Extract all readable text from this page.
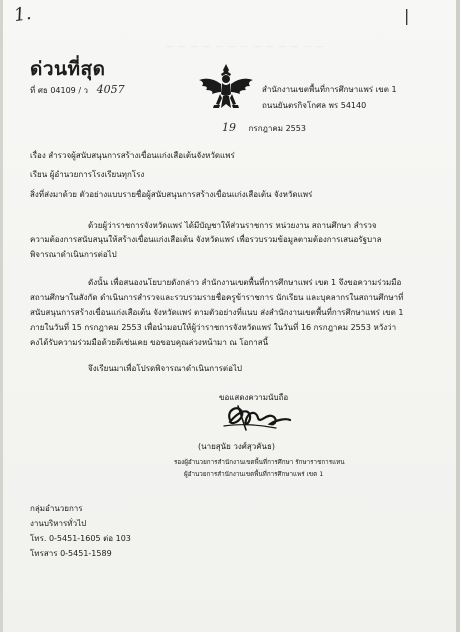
— — — — — — — — — — — — —
1.	|
ด่วนที่สุด
ที่ ศธ 04109 / ว 4057	สำนักงานเขตพื้นที่การศึกษาแพร่ เขต 1
ถนนยันตรกิจโกศล พร 54140
19 กรกฎาคม 2553
เรื่อง สำรวจผู้สนับสนุนการสร้างเขื่อนแก่งเสือเต้นจังหวัดแพร่
เรียน ผู้อำนวยการโรงเรียนทุกโรง
สิ่งที่ส่งมาด้วย ตัวอย่างแบบรายชื่อผู้สนับสนุนการสร้างเขื่อนแก่งเสือเต้น จังหวัดแพร่
ด้วยผู้ว่าราชการจังหวัดแพร่ ได้มีบัญชาให้ส่วนราชการ หน่วยงาน สถานศึกษา สำรวจ
ความต้องการสนับสนุนให้สร้างเขื่อนแก่งเสือเต้น จังหวัดแพร่ เพื่อรวบรวมข้อมูลตามต้องการเสนอรัฐบาล
พิจารณาดำเนินการต่อไป
ดังนั้น เพื่อสนองนโยบายดังกล่าว สำนักงานเขตพื้นที่การศึกษาแพร่ เขต 1 จึงขอความร่วมมือ
สถานศึกษาในสังกัด ดำเนินการสำรวจและรวบรวมรายชื่อครูข้าราชการ นักเรียน และบุคลากรในสถานศึกษาที่
สนับสนุนการสร้างเขื่อนแก่งเสือเต้น จังหวัดแพร่ ตามตัวอย่างที่แนบ ส่งสำนักงานเขตพื้นที่การศึกษาแพร่ เขต 1
ภายในวันที่ 15 กรกฎาคม 2553 เพื่อนำมอบให้ผู้ว่าราชการจังหวัดแพร่ ในวันที่ 16 กรกฎาคม 2553 หวังว่า
คงได้รับความร่วมมือด้วยดีเช่นเคย ขอขอบคุณล่วงหน้ามา ณ โอกาสนี้
จึงเรียนมาเพื่อโปรดพิจารณาดำเนินการต่อไป
ขอแสดงความนับถือ
(นายสุนัย วงศ์สุวคันธ)
รองผู้อำนวยการสำนักงานเขตพื้นที่การศึกษา รักษาราชการแทน
ผู้อำนวยการสำนักงานเขตพื้นที่การศึกษาแพร่ เขต 1
กลุ่มอำนวยการ
งานบริหารทั่วไป
โทร. 0-5451-1605 ต่อ 103
โทรสาร 0-5451-1589
